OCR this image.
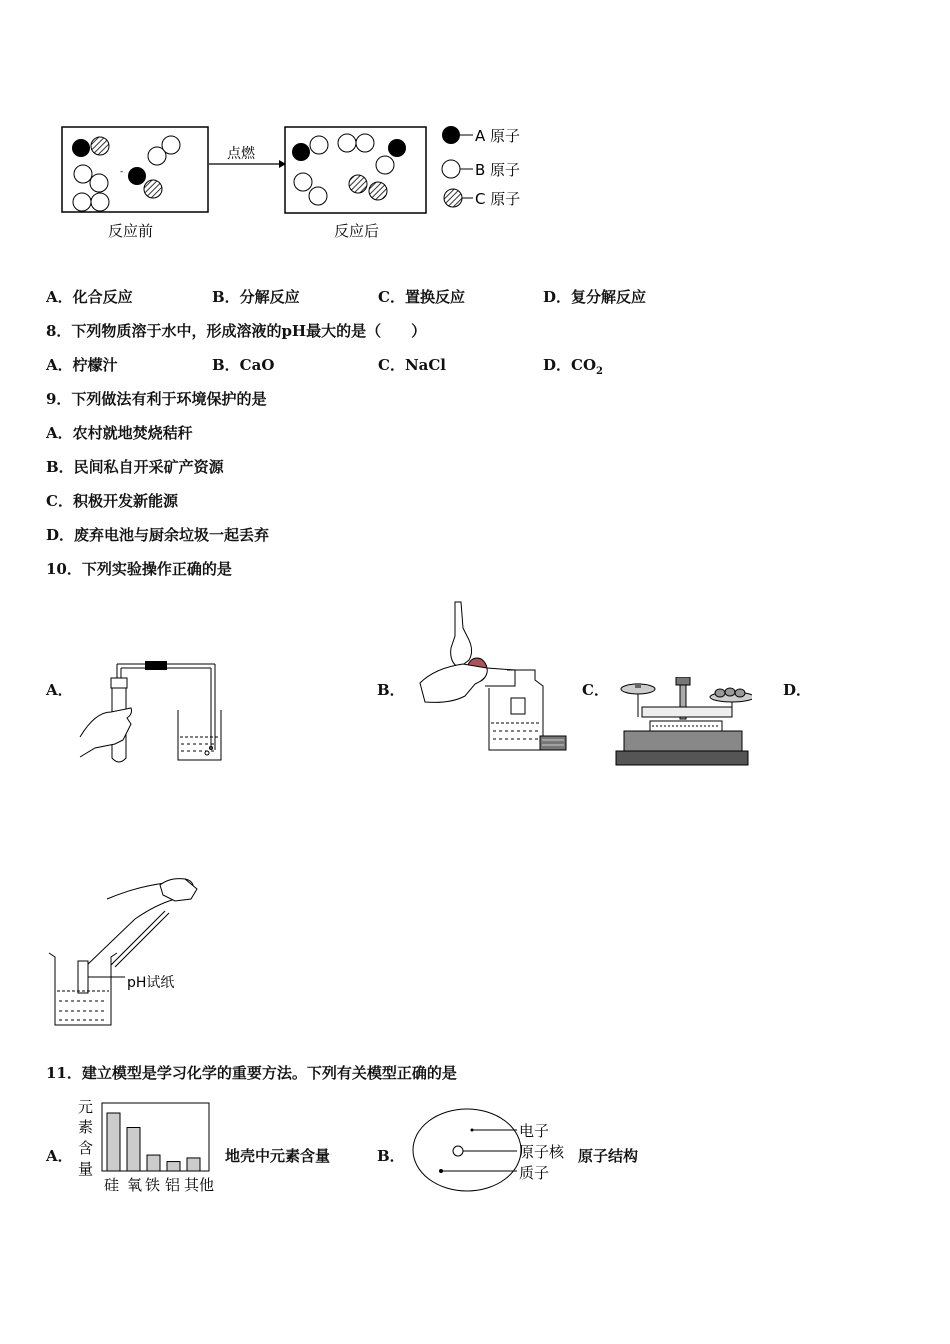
-
点燃
A 原子
B 原子
C 原子
反应前	反应后
A．化合反应	B．分解反应	C．置换反应	D．复分解反应
8．下列物质溶于水中，形成溶液的pH最大的是（　　）
A．柠檬汁	B．CaO	C．NaCl	D．$CO_2$
9．下列做法有利于环境保护的是
A．农村就地焚烧秸秆
B．民间私自开采矿产资源
C．积极开发新能源
D．废弃电池与厨余垃圾一起丢弃
10．下列实验操作正确的是
A．	B．	C．	D．
pH试纸
11．建立模型是学习化学的重要方法。下列有关模型正确的是
A．
元
素
含
量
硅 氧 铁 铝 其他
地壳中元素含量	B．
电子
原子核
质子
原子结构
